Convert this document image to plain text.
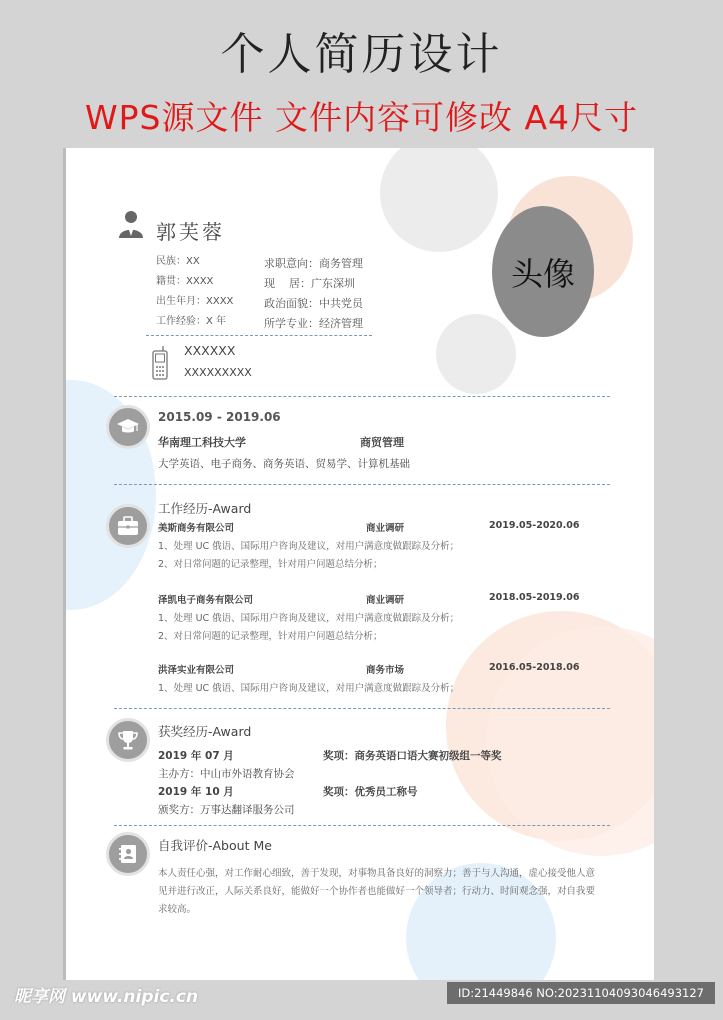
个人简历设计
WPS源文件 文件内容可修改 A4尺寸
头像
郭芙蓉
民族：XX
籍贯：XXXX
出生年月：XXXX
工作经验：X 年
求职意向：商务管理
现    居：广东深圳
政治面貌：中共党员
所学专业：经济管理
XXXXXX
XXXXXXXXX
2015.09 - 2019.06
华南理工科技大学	商贸管理
大学英语、电子商务、商务英语、贸易学、计算机基础
工作经历-Award
美斯商务有限公司	商业调研	2019.05-2020.06
1、处理 UC 俄语、国际用户咨询及建议，对用户满意度做跟踪及分析；
2、对日常问题的记录整理，针对用户问题总结分析；
泽凯电子商务有限公司	商业调研	2018.05-2019.06
1、处理 UC 俄语、国际用户咨询及建议，对用户满意度做跟踪及分析；
2、对日常问题的记录整理，针对用户问题总结分析；
洪泽实业有限公司	商务市场	2016.05-2018.06
1、处理 UC 俄语、国际用户咨询及建议，对用户满意度做跟踪及分析；
获奖经历-Award
2019 年 07 月	奖项：商务英语口语大赛初级组一等奖
主办方：中山市外语教育协会
2019 年 10 月	奖项：优秀员工称号
颁奖方：万事达翻译服务公司
自我评价-About Me
本人责任心强，对工作耐心细致，善于发现，对事物具备良好的洞察力；善于与人沟通，虚心接受他人意
见并进行改正，人际关系良好，能做好一个协作者也能做好一个领导者；行动力、时间观念强，对自我要
求较高。
昵享网 www.nipic.cn	ID:21449846 NO:20231104093046493127
